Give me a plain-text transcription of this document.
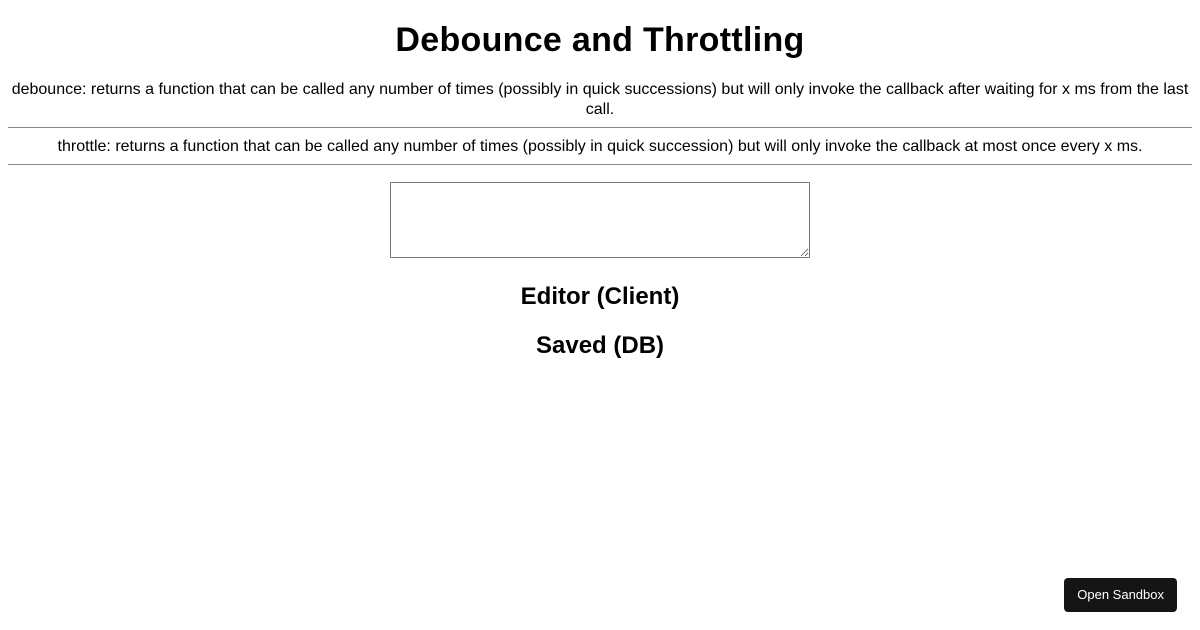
Debounce and Throttling

debounce: returns a function that can be called any number of times (possibly in quick successions) but will only invoke the callback after waiting for x ms from the last call.

throttle: returns a function that can be called any number of times (possibly in quick succession) but will only invoke the callback at most once every x ms.

Editor (Client)
Saved (DB)
Open Sandbox
